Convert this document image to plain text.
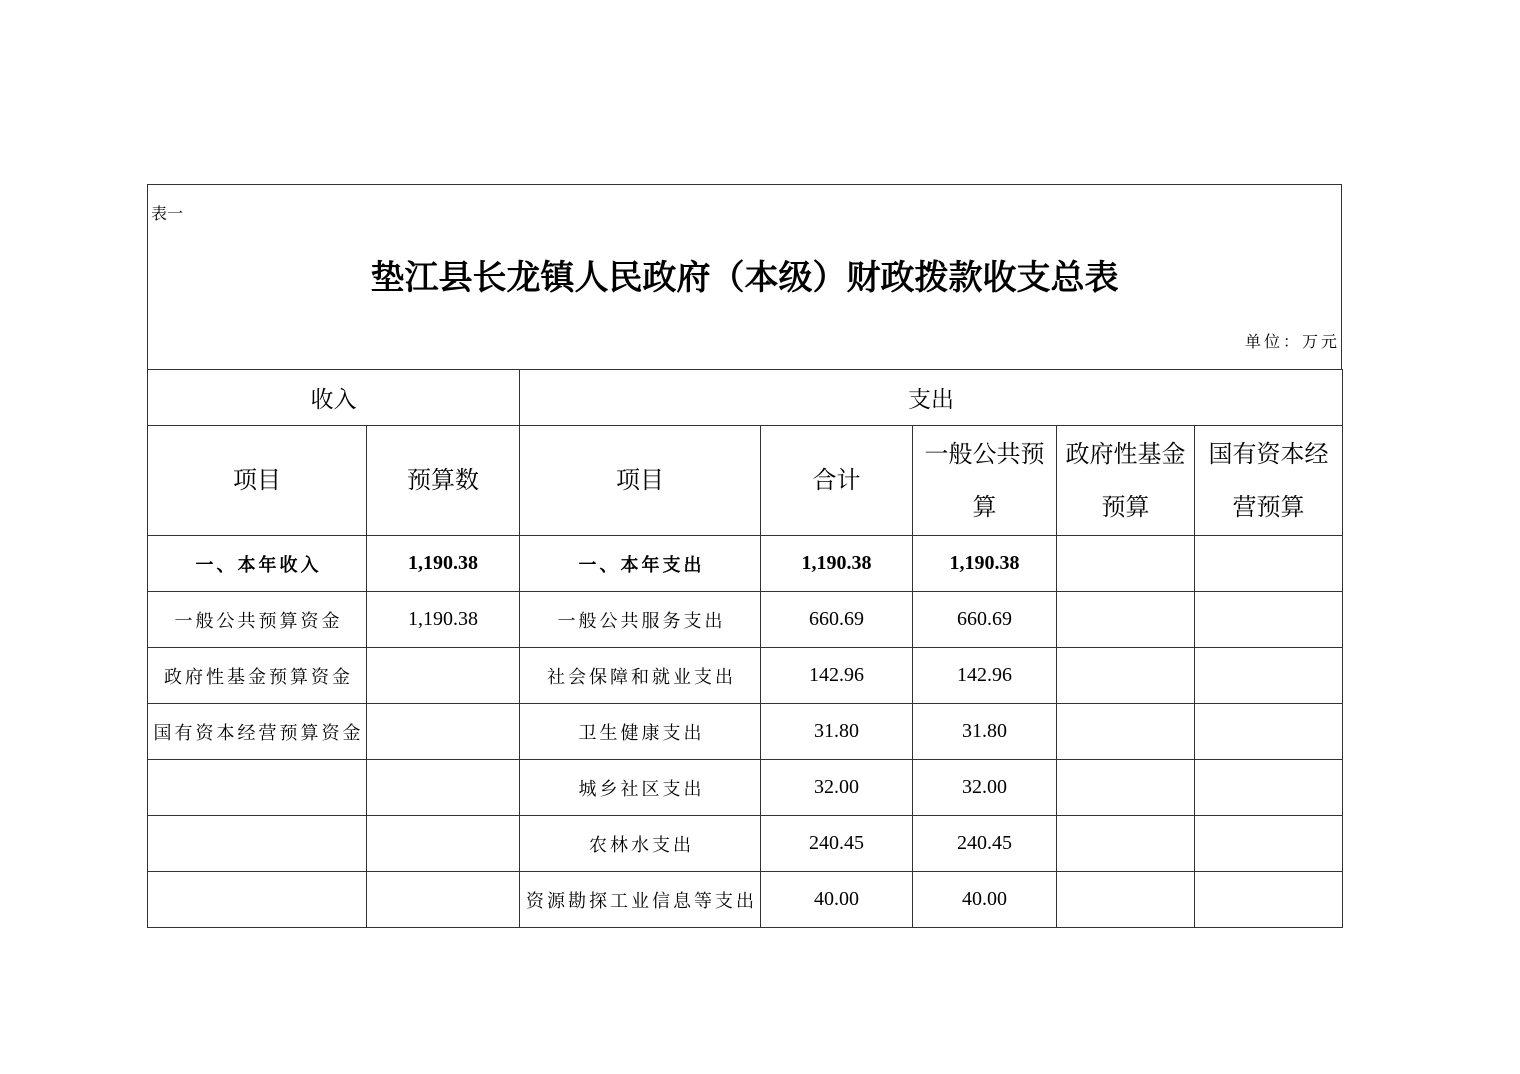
表一
垫江县长龙镇人民政府（本级）财政拨款收支总表
单位：万元
收入		支出				
项目	预算数	项目	合计	一般公共预算	政府性基金预算	国有资本经营预算
一、本年收入	1,190.38	一、本年支出	1,190.38	1,190.38		
一般公共预算资金	1,190.38	一般公共服务支出	660.69	660.69		
政府性基金预算资金		社会保障和就业支出	142.96	142.96		
国有资本经营预算资金		卫生健康支出	31.80	31.80		
		城乡社区支出	32.00	32.00		
		农林水支出	240.45	240.45		
		资源勘探工业信息等支出	40.00	40.00		
